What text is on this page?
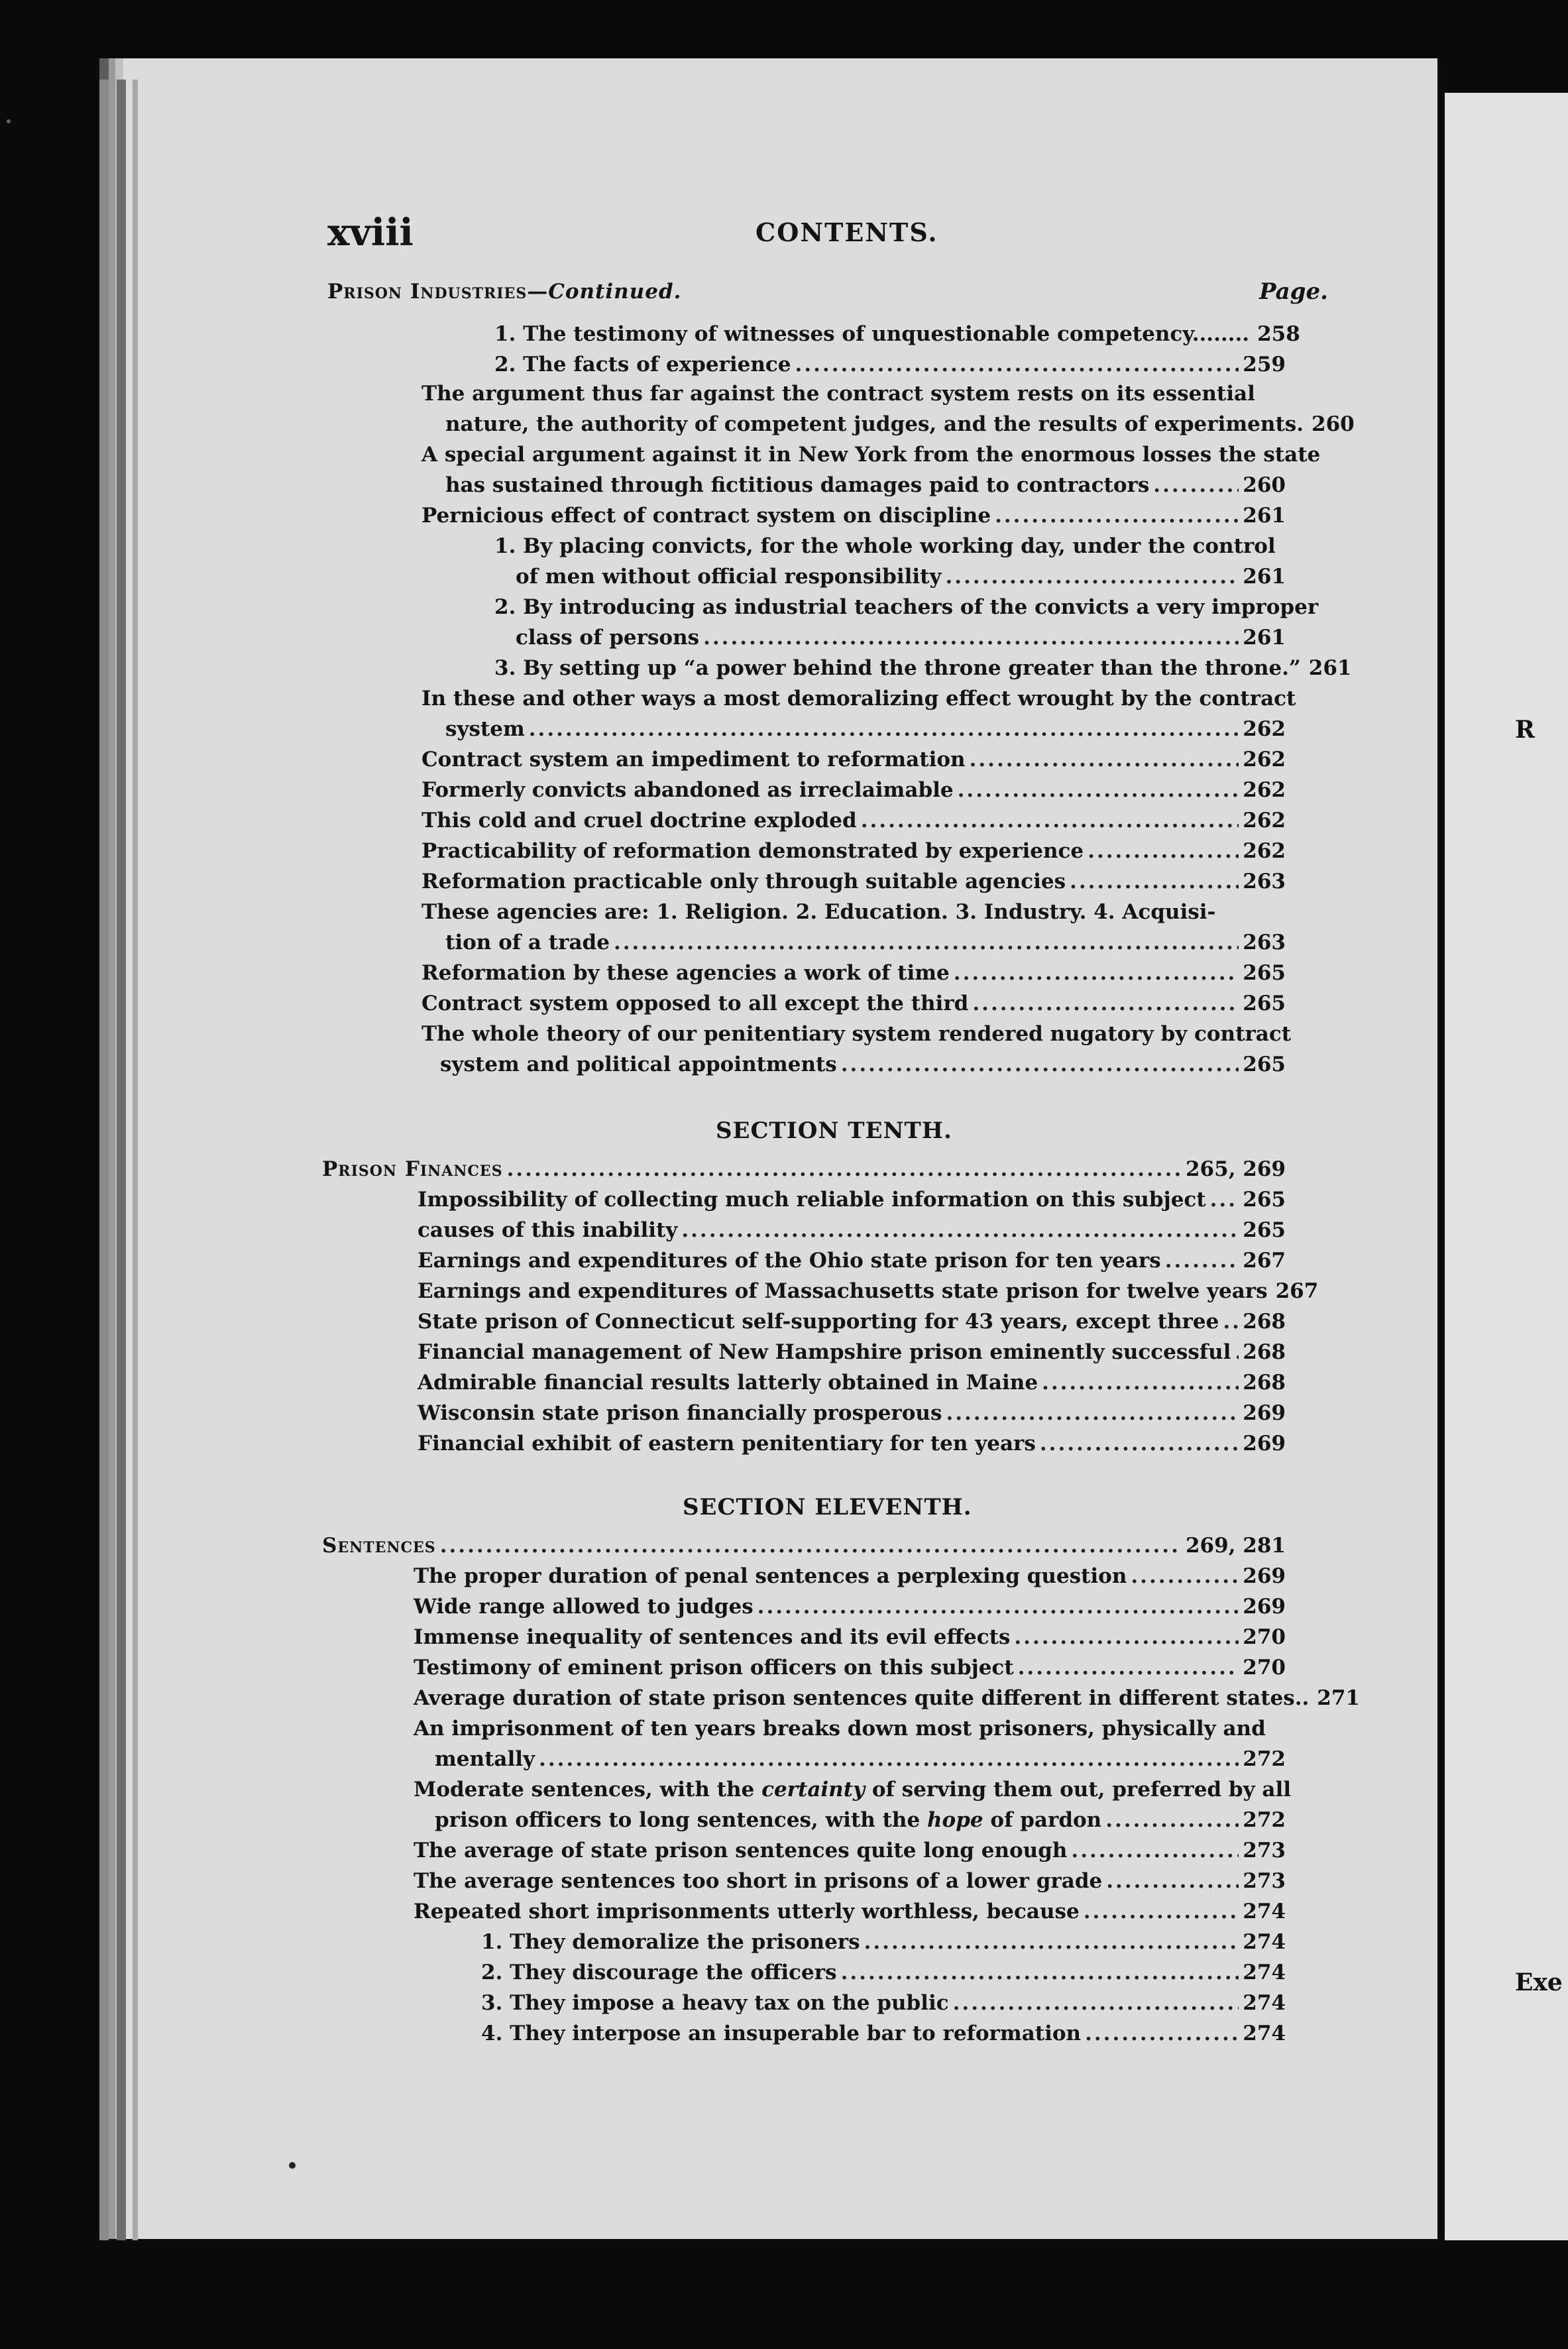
R
Exe
xviii	CONTENTS.
Prison Industries—Continued.	Page.
1. The testimony of witnesses of unquestionable competency........ 258
2. The facts of experience .....	259
The argument thus far against the contract system rests on its essential
nature, the authority of competent judges, and the results of experiments. 260
A special argument against it in New York from the enormous losses the state
has sustained through fictitious damages paid to contractors .....	260
Pernicious effect of contract system on discipline .....	261
1. By placing convicts, for the whole working day, under the control
of men without official responsibility .....	261
2. By introducing as industrial teachers of the convicts a very improper
class of persons .....	261
3. By setting up “a power behind the throne greater than the throne.” 261
In these and other ways a most demoralizing effect wrought by the contract
system .....	262
Contract system an impediment to reformation .....	262
Formerly convicts abandoned as irreclaimable .....	262
This cold and cruel doctrine exploded .....	262
Practicability of reformation demonstrated by experience .....	262
Reformation practicable only through suitable agencies .....	263
These agencies are: 1. Religion. 2. Education. 3. Industry. 4. Acquisi-
tion of a trade .....	263
Reformation by these agencies a work of time .....	265
Contract system opposed to all except the third .....	265
The whole theory of our penitentiary system rendered nugatory by contract
system and political appointments .....	265
SECTION TENTH.
Prison Finances .....	265, 269
Impossibility of collecting much reliable information on this subject ..... 265
causes of this inability .....	265
Earnings and expenditures of the Ohio state prison for ten years .....	267
Earnings and expenditures of Massachusetts state prison for twelve years 267
State prison of Connecticut self-supporting for 43 years, except three ..... 268
Financial management of New Hampshire prison eminently successful ..... 268
Admirable financial results latterly obtained in Maine .....	268
Wisconsin state prison financially prosperous .....	269
Financial exhibit of eastern penitentiary for ten years .....	269
SECTION ELEVENTH.
Sentences .....	269, 281
The proper duration of penal sentences a perplexing question .....	269
Wide range allowed to judges .....	269
Immense inequality of sentences and its evil effects .....	270
Testimony of eminent prison officers on this subject .....	270
Average duration of state prison sentences quite different in different states.. 271
An imprisonment of ten years breaks down most prisoners, physically and
mentally .....	272
Moderate sentences, with the certainty of serving them out, preferred by all
prison officers to long sentences, with the hope of pardon .....	272
The average of state prison sentences quite long enough .....	273
The average sentences too short in prisons of a lower grade .....	273
Repeated short imprisonments utterly worthless, because .....	274
1. They demoralize the prisoners .....	274
2. They discourage the officers .....	274
3. They impose a heavy tax on the public .....	274
4. They interpose an insuperable bar to reformation .....	274
